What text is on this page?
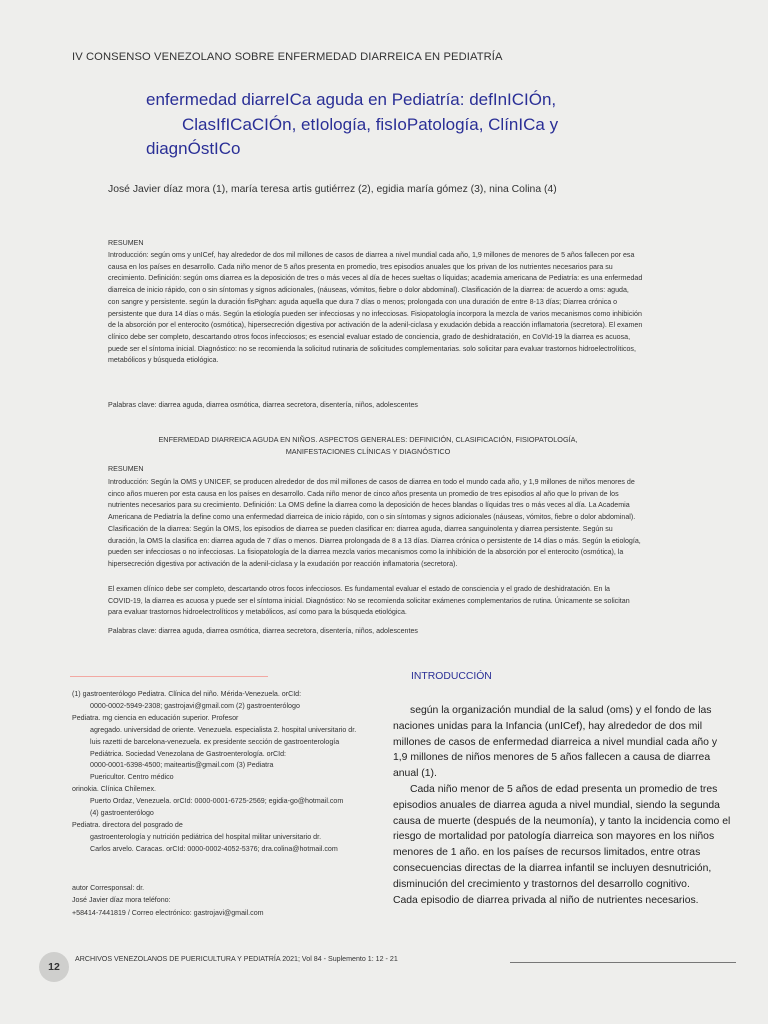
IV CONSENSO VENEZOLANO SOBRE ENFERMEDAD DIARREICA EN PEDIATRÍA
enfermedad diarreICa aguda en Pediatría: defInICIÓn,
ClasIfICaCIÓn, etIología, fisIoPatología, ClínICa y
diagnÓstICo
José Javier díaz mora (1), maría teresa artis gutiérrez (2), egidia maría gómez (3), nina Colina (4)
RESUMEN
Introducción: según oms y unICef, hay alrededor de dos mil millones de casos de diarrea a nivel mundial cada año, 1,9 millones de menores de 5 años fallecen por esa
causa en los países en desarrollo. Cada niño menor de 5 años presenta en promedio, tres episodios anuales que los privan de los nutrientes necesarios para su
crecimiento. Definición: según oms diarrea es la deposición de tres o más veces al día de heces sueltas o líquidas; academia americana de Pediatría: es una enfermedad
diarreica de inicio rápido, con o sin síntomas y signos adicionales, (náuseas, vómitos, fiebre o dolor abdominal). Clasificación de la diarrea: de acuerdo a oms: aguda,
con sangre y persistente. según la duración fisPghan: aguda aquella que dura 7 días o menos; prolongada con una duración de entre 8-13 días; Diarrea crónica o
persistente que dura 14 días o más. Según la etiología pueden ser infecciosas y no infecciosas. Fisiopatología incorpora la mezcla de varios mecanismos como inhibición
de la absorción por el enterocito (osmótica), hipersecreción digestiva por activación de la adenil-ciclasa y exudación debida a reacción inflamatoria (secretora). El examen
clínico debe ser completo, descartando otros focos infecciosos; es esencial evaluar estado de conciencia, grado de deshidratación, en CoVId-19 la diarrea es acuosa,
puede ser el síntoma inicial. Diagnóstico: no se recomienda la solicitud rutinaria de solicitudes complementarias. solo solicitar para evaluar trastornos hidroelectrolíticos,
metabólicos y búsqueda etiológica.
Palabras clave: diarrea aguda, diarrea osmótica, diarrea secretora, disentería, niños, adolescentes
ENFERMEDAD DIARREICA AGUDA EN NIÑOS. ASPECTOS GENERALES: DEFINICIÓN, CLASIFICACIÓN, FISIOPATOLOGÍA,
MANIFESTACIONES CLÍNICAS Y DIAGNÓSTICO
RESUMEN
Introducción: Según la OMS y UNICEF, se producen alrededor de dos mil millones de casos de diarrea en todo el mundo cada año, y 1,9 millones de niños menores de
cinco años mueren por esta causa en los países en desarrollo. Cada niño menor de cinco años presenta un promedio de tres episodios al año que lo privan de los
nutrientes necesarios para su crecimiento. Definición: La OMS define la diarrea como la deposición de heces blandas o líquidas tres o más veces al día. La Academia
Americana de Pediatría la define como una enfermedad diarreica de inicio rápido, con o sin síntomas y signos adicionales (náuseas, vómitos, fiebre o dolor abdominal).
Clasificación de la diarrea: Según la OMS, los episodios de diarrea se pueden clasificar en: diarrea aguda, diarrea sanguinolenta y diarrea persistente. Según su
duración, la OMS la clasifica en: diarrea aguda de 7 días o menos. Diarrea prolongada de 8 a 13 días. Diarrea crónica o persistente de 14 días o más. Según la etiología,
pueden ser infecciosas o no infecciosas. La fisiopatología de la diarrea mezcla varios mecanismos como la inhibición de la absorción por el enterocito (osmótica), la
hipersecreción digestiva por activación de la adenil-ciclasa y la exudación por reacción inflamatoria (secretora).
El examen clínico debe ser completo, descartando otros focos infecciosos. Es fundamental evaluar el estado de consciencia y el grado de deshidratación. En la
COVID-19, la diarrea es acuosa y puede ser el síntoma inicial. Diagnóstico: No se recomienda solicitar exámenes complementarios de rutina. Únicamente se solicitan
para evaluar trastornos hidroelectrolíticos y metabólicos, así como para la búsqueda etiológica.
Palabras clave: diarrea aguda, diarrea osmótica, diarrea secretora, disentería, niños, adolescentes
(1) gastroenterólogo Pediatra. Clínica del niño. Mérida-Venezuela. orCId:
0000-0002-5949-2308; gastrojavi@gmail.com (2) gastroenterólogo
Pediatra. mg ciencia en educación superior. Profesor
agregado. universidad de oriente. Venezuela. especialista 2. hospital universitario dr.
luis razetti de barcelona-venezuela. ex presidente sección de gastroenterología
Pediátrica. Sociedad Venezolana de Gastroenterología. orCId:
0000-0001-6398-4500; maiteartis@gmail.com (3) Pediatra
Puericultor. Centro médico
orinokia. Clínica Chilemex.
Puerto Ordaz, Venezuela. orCId: 0000-0001-6725-2569; egidia-go@hotmail.com
(4) gastroenterólogo
Pediatra. directora del posgrado de
gastroenterología y nutrición pediátrica del hospital militar universitario dr.
Carlos arvelo. Caracas. orCId: 0000-0002-4052-5376; dra.colina@hotmail.com
autor Corresponsal: dr.
José Javier díaz mora teléfono:
+58414-7441819 / Correo electrónico: gastrojavi@gmail.com
INTRODUCCIÓN

según la organización mundial de la salud (oms) y el fondo de las naciones unidas para la Infancia (unICef), hay alrededor de dos mil millones de casos de enfermedad diarreica a nivel mundial cada año y 1,9 millones de niños menores de 5 años fallecen a causa de diarrea anual (1).

Cada niño menor de 5 años de edad presenta un promedio de tres episodios anuales de diarrea aguda a nivel mundial, siendo la segunda causa de muerte (después de la neumonía), y tanto la incidencia como el riesgo de mortalidad por patología diarreica son mayores en los niños menores de 1 año. en los países de recursos limitados, entre otras consecuencias directas de la diarrea infantil se incluyen desnutrición, disminución del crecimiento y trastornos del desarrollo cognitivo.

Cada episodio de diarrea privada al niño de nutrientes necesarios.

12
ARCHIVOS VENEZOLANOS DE PUERICULTURA Y PEDIATRÍA 2021; Vol 84 - Suplemento 1: 12 - 21
